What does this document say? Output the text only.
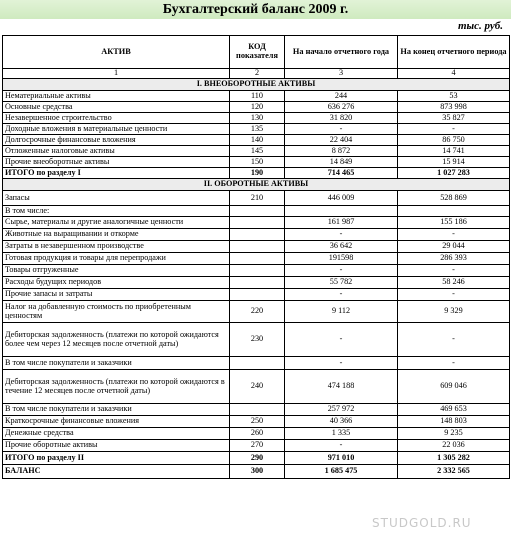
Бухгалтерский баланс 2009 г.
тыс. руб.
АКТИВ	КОД показателя	На начало отчетного года	На конец отчетного периода
1	2	3	4
I. ВНЕОБОРОТНЫЕ АКТИВЫ			
Нематериальные активы	110	244	53
Основные средства	120	636 276	873 998
Незавершенное строительство	130	31 820	35 827
Доходные вложения в материальные ценности	135	-	-
Долгосрочные финансовые вложения	140	22 404	86 750
Отложенные налоговые активы	145	8 872	14 741
Прочие внеоборотные активы	150	14 849	15 914
ИТОГО по разделу I	190	714 465	1 027 283
II. ОБОРОТНЫЕ АКТИВЫ			
Запасы	210	446 009	528 869
В том числе:			
Сырье, материалы и другие аналогичные ценности		161 987	155 186
Животные на выращивании и откорме		-	-
Затраты в незавершенном производстве		36 642	29 044
Готовая продукция и товары для перепродажи		191598	286 393
Товары отгруженные		-	-
Расходы будущих периодов		55 782	58 246
Прочие запасы и затраты		-	-
Налог на добавленную стоимость по приобретенным ценностям	220	9 112	9 329
Дебиторская задолженность (платежи по которой ожидаются более чем через 12 месяцев после отчетной даты)	230	-	-
В том числе покупатели и заказчики		-	-
Дебиторская задолженность (платежи по которой ожидаются в течение 12 месяцев после отчетной даты)	240	474 188	609 046
В том числе покупатели и заказчики		257 972	469 653
Краткосрочные финансовые вложения	250	40 366	148 803
Денежные средства	260	1 335	9 235
Прочие оборотные активы	270	-	22 036
ИТОГО по разделу II	290	971 010	1 305 282
БАЛАНС	300	1 685 475	2 332 565
STUDGOLD.RU
